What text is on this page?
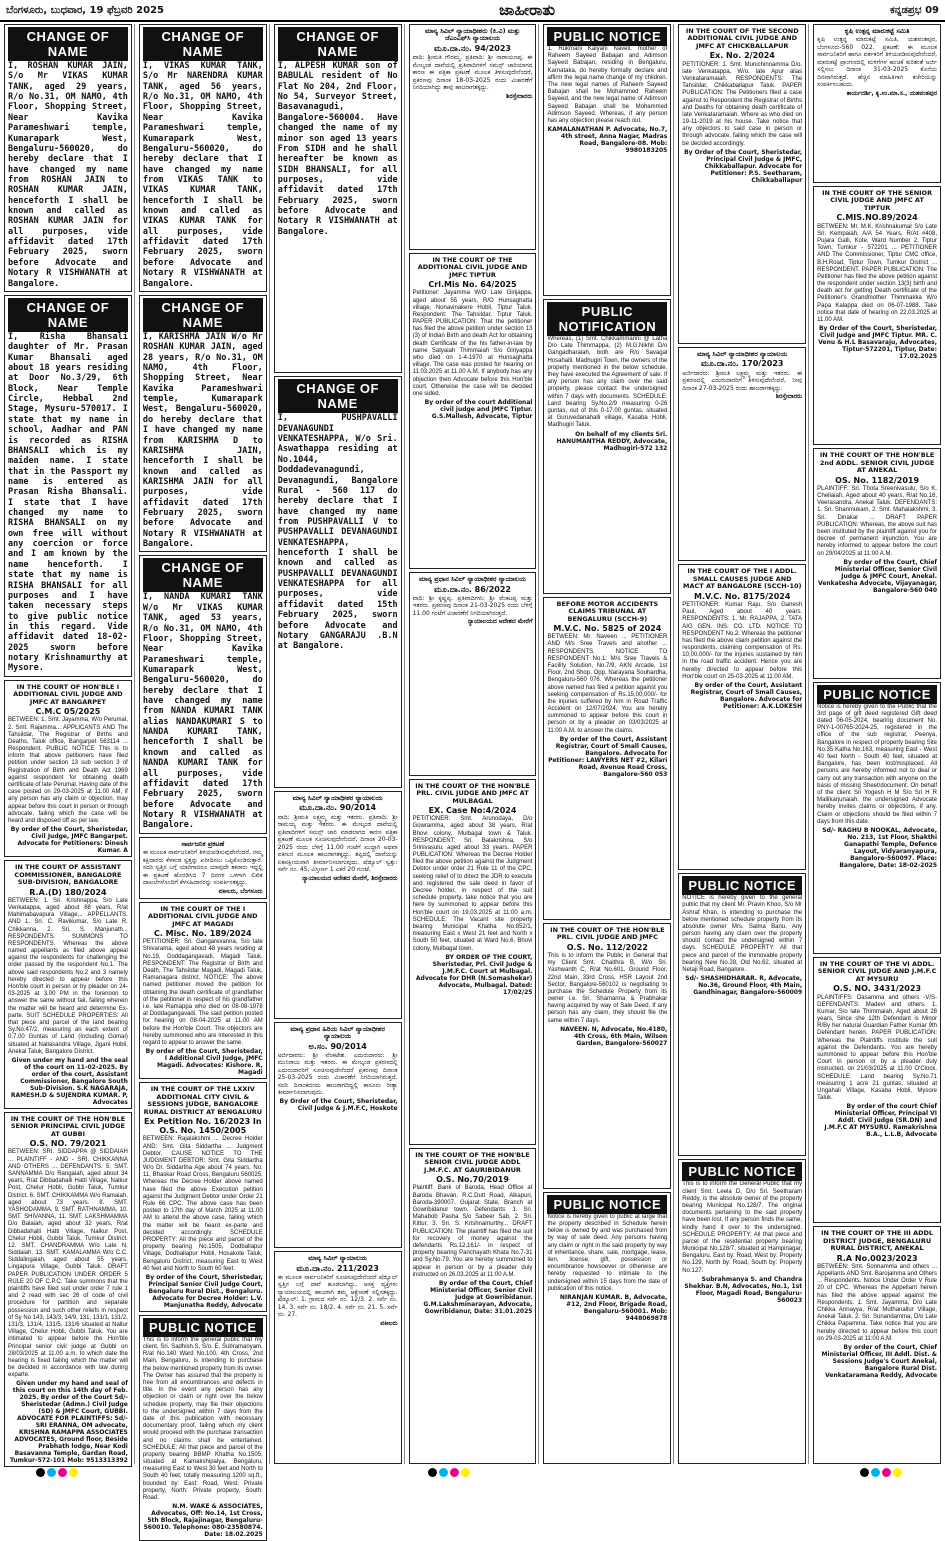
ಬೆಂಗಳೂರು, ಬುಧವಾರ, 19 ಫೆಬ್ರವರಿ 2025	ಜಾಹೀರಾತು	ಕನ್ನಡಪ್ರಭ 09
CHANGE OF NAME
I, ROSHAN KUMAR JAIN, S/o Mr VIKAS KUMAR TANK, aged 29 years, R/o No.31, OM NAMO, 4th Floor, Shopping Street, Near Kavika Parameshwari temple, Kumarapark West, Bengaluru-560020, do hereby declare that I have changed my name from ROSHAN JAIN to ROSHAN KUMAR JAIN, henceforth I shall be known and called as ROSHAN KUMAR JAIN for all purposes, vide affidavit dated 17th February 2025, sworn before Advocate and Notary R VISHWANATH at Bangalore.
CHANGE OF NAME
I, Risha Bhansali daughter of Mr. Prasan Kumar Bhansali aged about 18 years residing at Door No.3/29, 6th Block, Near Temple Circle, Hebbal 2nd Stage, Mysuru-570017. I state that my name in school, Aadhar and PAN is recorded as RISHA BHANSALI which is my maiden name. I state that in the Passport my name is entered as Prasan Risha Bhansali. I state that I have changed my name to RISHA BHANSALI on my own free will without any coercion or force and I am known by the name henceforth. I state that my name is RISHA BHANSALI for all purposes and I have taken necessary steps to give public notice in this regard. Vide affidavit dated 18-02-2025 sworn before notary Krishnamurthy at Mysore.
IN THE COURT OF HON'BLE I ADDITIONAL CIVIL JUDGE AND JMFC AT BANGARPET
C.M.C 05/2025
BETWEEN: 1. Smt. Jayamma, W/o Perumal, 2. Smt. Rajamma... APPLICANTS AND The Tahsildar, The Registrar of Births and Deaths, Taluk office, Bangarpet 563114 ... Respondent. PUBLIC NOTICE This is to inform that above petitioners have filed petition under section 13 sub section 3 of Registration of Birth and Death Act 1969 against respondent for obtaining death certificate of late Perumal. Having date of the case posted on 29-03-2025 at 11.00 AM, if any person has any claim or objection, may appear before this court in person or through advocate, failing which the case will be heard and disposed off as per law.
By order of the Court, Sheristedar, Civil Judge, JMFC Bangarpet. Advocate for Petitioners: Dinesh Kumar. A
IN THE COURT OF ASSISTANT COMMISSIONER, BANGALORE SUB-DIVISION, BANGALORE
R.A.(D) 180/2024
BETWEEN: 1. Sri. Krishnappa, S/o Late Venkatappa, aged about 88 years, R/at Mahimabavapura Village... APPELLANTS. AND 1. Sri. C. Ravikumar, S/o Late R. Chikkanna, 2. Sri. S. Manjunath... RESPONDENTS. SUMMONS TO RESPONDENTS. Whereas the above named appellants as filed above appeal against the respondents for challenging the order passed by the respondent No.1. The above said respondents No.2 and 3 namely hereby directed to appear before this Hon'ble court in person or by pleader on 24-03-2025 at 3.00 PM in the forenoon to answer the same without fail, failing wherein the matter will be heard and determine Ex-parte. SUIT SCHEDULE PROPERTIES: All that piece and parcel of the land bearing Sy.No.47/2, measuring an each extent of 0.7.00 Guntas of Land (Including Gomal) situated at Nallasandra Village, Jigani Hobli, Anekal Taluk, Bangalore District.
Given under my hand and the seal of the court on 11-02-2025. By order of the court, Assistant Commissioner, Bangalore South Sub-Division. S.K NAGARAJA, RAMESH.D & SUJENDRA KUMAR. P, Advocates
IN THE COURT OF THE HON'BLE SENIOR PRINCIPAL CIVIL JUDGE AT GUBBI
O.S. NO. 79/2021
BETWEEN: SRI. SIDDAPPA @ SIDDAIAH ... PLAINTIFF - AND - SRI. CHIKKANNA AND OTHERS ... DEFENDANTS. 5. SMT. SANNAMMA D/o Rangaiah, aged about 34 years, R/at Dibbadahalli Hatti Village, Nalkur Post, Chelur Hobli, Gubbi Taluk, Tumkur District. 6. SMT. CHIKKAMMA W/o Ramaiah, aged about 73 years. 8. SMT. YASHODAMMA, 9. SMT. RATHNAMMA, 10. SMT. SHIVANNA, 11. SMT. LAKSHMAMMA D/o Balaiah, aged about 32 years, R/at Dibbadahalli Hatti Village, Nalkur Post, Chelur Hobli, Gubbi Taluk, Tumkur District. 12. SMT. CHANDRAMMA W/o Late N. Siddaiah. 13. SMT. KAMALAMMA W/o C.C. Siddalingaiah, aged about 55 years, Lingapura Village, Gubbi Taluk. DRAFT PAPER PUBLICATION UNDER ORDER 5 RULE 20 OF C.P.C. Take summons that the plaintiffs have filed suit under order 7 rule 1 and 2 read with sec 26 of code of civil procedure for partition and separate possession and such other reliefs in respect of Sy No 143, 143/3, 14/9, 131, 131/1, 131/2, 131/3, 131/4, 131/5, 131/6 situated at Nallur Village, Chelur Hobli, Gubbi Taluk. You are intimated to appear before the Hon'ble Principal senior civil judge at Gubbi on 28/03/2025 at 11.00 a.m. to which date the hearing is fixed failing which the matter will be decided in accordance with law during exparte.
Given under my hand and seal of this court on this 14th day of Feb. 2025. By order of the Court Sd/- Sheristedar (Admn.) Civil Judge (SD) & JMFC Court, GUBBI. ADVOCATE FOR PLAINTIFFS: Sd/- SRI ERANNA, OM advocate, KRISHNA RAMAPPA ASSOCIATES ADVOCATES, Ground floor, Beside Prabhath lodge, Near Kodi Basavanna Temple, Gardan Road, Tumkur-572-101 Mob: 9513313392
CHANGE OF NAME
I, VIKAS KUMAR TANK, S/o Mr NARENDRA KUMAR TANK, aged 56 years, R/o No.31, OM NAMO, 4th Floor, Shopping Street, Near Kavika Parameshwari temple, Kumarapark West, Bengaluru-560020, do hereby declare that I have changed my name from VIKAS TANK to VIKAS KUMAR TANK, henceforth I shall be known and called as VIKAS KUMAR TANK for all purposes, vide affidavit dated 17th February 2025, sworn before Advocate and Notary R VISHWANATH at Bangalore.
CHANGE OF NAME
I, KARISHMA JAIN W/o Mr ROSHAN KUMAR JAIN, aged 28 years, R/o No.31, OM NAMO, 4th Floor, Shopping Street, Near Kavika Parameshwari temple, Kumarapark West, Bengaluru-560020, do hereby declare that I have changed my name from KARISHMA D to KARISHMA JAIN, henceforth I shall be known and called as KARISHMA JAIN for all purposes, vide affidavit dated 17th February 2025, sworn before Advocate and Notary R VISHWANATH at Bangalore.
CHANGE OF NAME
I, NANDA KUMARI TANK W/o Mr VIKAS KUMAR TANK, aged 53 years, R/o No.31, OM NAMO, 4th Floor, Shopping Street, Near Kavika Parameshwari temple, Kumarapark West, Bengaluru-560020, do hereby declare that I have changed my name from NANDA KUMARI TANK alias NANDAKUMARI S to NANDA KUMARI TANK, henceforth I shall be known and called as NANDA KUMARI TANK for all purposes, vide affidavit dated 17th February 2025, sworn before Advocate and Notary R VISHWANATH at Bangalore.
ಸಾರ್ವಜನಿಕ ಪ್ರಕಟಣೆ
ಈ ಮೂಲಕ ಸಾರ್ವಜನಿಕರಿಗೆ ತಿಳಿಯಪಡಿಸುವುದೇನೆಂದರೆ, ನಮ್ಮ ಕಕ್ಷಿದಾರರು ಕೆಳಕಂಡ ಸ್ವತ್ತನ್ನು ಖರೀದಿಸಲು ಒಪ್ಪಿಕೊಂಡಿರುತ್ತಾರೆ. ಸದರಿ ಸ್ವತ್ತಿನ ಬಗ್ಗೆ ಯಾರಿಗಾದರೂ ಯಾವುದೇ ತಕರಾರು ಇದ್ದಲ್ಲಿ ಈ ಪ್ರಕಟಣೆ ಹೊರಡಿಸಿದ 7 ದಿನಗಳ ಒಳಗಾಗಿ ಲಿಖಿತ ದಾಖಲೆಗಳೊಂದಿಗೆ ಕೆಳಸಹಿದಾರರನ್ನು ಸಂಪರ್ಕಿಸತಕ್ಕದ್ದು.
ವಕೀಲರು, ಬೆಂಗಳೂರು
IN THE COURT OF THE I ADDITIONAL CIVIL JUDGE AND JMFC AT MAGADI
C. Misc. No. 189/2024
PETITIONER: Sri. Gangarevanna, S/o late Shivarama, aged about 48 years residing at No.19, Doddagangavadi, Magadi Taluk. RESPONDENT: The Registrar of Birth and Death, The Tahsildar Magadi, Magadi Taluk, Ramanagara district. NOTICE: The above named petitioner moved the petition for obtaining the death certificate of grandfather of the petitioner in respect of his grandfather i.e. late Ramappa who died on 08-08-1978 at Doddagangavadi. The said petition posted for hearing on 08-04-2025 at 11.00 AM before the Hon'ble Court. The objectors are hereby summoned who are interested in this regard to appear to answer the same.
By order of the Court, Sheristedar, I Additional Civil Judge, JMFC Magadi. Advocates: Kishore. R, Magadi
IN THE COURT OF THE LXXIV ADDITIONAL CITY CIVIL & SESSIONS JUDGE, BANGALORE RURAL DISTRICT AT BENGALURU
Ex Petition No. 16/2023 In O.S. No. 1450/2005
BETWEEN: Rajalakshmi ... Decree Holder AND: Smt. Gita Siddartha ... Judgment Debtor. CAUSE NOTICE TO THE JUDGMENT DEBTOR: Smt. Gita Siddartha W/o Dr. Siddartha Age about 74 years, No. 11, Bhaskar Road Cross, Bengaluru 560025. Whereas the Decree Holder above named have filed the above Execution petition against the Judgment Debtor under Order 21 Rule 66 CPC. The above case has been posted to 17th day of March 2025 at 11.00 AM to attend the above case, failing which the matter will be heard ex-parte and decided accordingly. SCHEDULE PROPERTY: All the piece and parcel of the property bearing No.1505, Dodballapur Village, Dodballapur Hobli, Hosakote Taluk, Bengaluru District, measuring East to West 40 feet and North to South 60 feet.
By order of the Court, Sheristedar, Principal Senior Civil Judge Court, Bengaluru Rural Dist., Bengaluru. Advocate for Decree Holder: L.V. Manjunatha Reddy, Advocate
PUBLIC NOTICE
This is to inform the general public that my client, Sri. Sadhish.S, S/o. E. Subramanyam, R/at No.140 Ward No.100, 4th Cross, 2nd Main, Bengaluru, is intending to purchase the below mentioned property from its owner. The Owner has assured that the property is free from all encumbrances and defects in title. In the event any person has any objection or claim or right over the below schedule property, may file their objections to the undersigned within 7 days from the date of this publication with necessary documentary proof, failing which my client would proceed with the purchase transaction and no claims shall be entertained. SCHEDULE: All that piece and parcel of the property bearing BBMP Khatha No.1505, situated at Kamakshipalya, Bengaluru, measuring East to West 30 feet and North to South 40 feet, totally measuring 1200 sq.ft., bounded by: East: Road, West: Private property, North: Private property, South: Road.
N.M. WAKE & ASSOCIATES, Advocates, Off: No.14, 1st Cross, 5th Block, Rajajinagar, Bengaluru-560010. Telephone: 080-23580874. Date: 18.02.2025
CHANGE OF NAME
I, ALPESH KUMAR son of BABULAL resident of No Flat No 204, 2nd Floor, No 54, Surveyor Street, Basavanagudi, Bangalore-560004. Have changed the name of my minor son aged 13 years From SIDH and he shall hereafter be known as SIDH BHANSALI, for all purposes, vide affidavit dated 17th February 2025, sworn before Advocate and Notary R VISHWANATH at Bangalore.
CHANGE OF NAME
I, PUSHPAVALLI DEVANAGUNDI VENKATESHAPPA, W/o Sri. Aswathappa residing at No.1044, Doddadevanagundi, Devanagundi, Bangalore Rural - 560 117 do hereby declare that I have changed my name from PUSHPAVALLI V to PUSHPAVALLI DEVANAGUNDI VENKATESHAPPA, henceforth I shall be known and called as PUSHPAVALLI DEVANAGUNDI VENKATESHAPPA for all purposes, vide affidavit dated 15th February 2025, sworn before Advocate and Notary GANGARAJU .B.N at Bangalore.
ಮಾನ್ಯ ಸಿವಿಲ್ ನ್ಯಾಯಾಧೀಶರ ನ್ಯಾಯಾಲಯ
ಮೂ.ದಾ.ನಂ. 90/2014
ವಾದಿ: ಶ್ರೀಮತಿ ಲಕ್ಷ್ಮಮ್ಮ ಮತ್ತು ಇತರರು. ಪ್ರತಿವಾದಿ: ಶ್ರೀ ರಾಮಯ್ಯ ಮತ್ತು ಇತರರು. ಈ ಮೇಲ್ಕಂಡ ದಾವೆಯಲ್ಲಿ ಪ್ರತಿವಾದಿಗಳಿಗೆ ಸಮನ್ಸ್ ಜಾರಿ ಮಾಡಲಾಗದ ಕಾರಣ ಪತ್ರಿಕಾ ಪ್ರಕಟಣೆ ಮೂಲಕ ಸೂಚಿಸುವುದೇನೆಂದರೆ, ದಿನಾಂಕ 20-03-2025 ರಂದು ಬೆಳಿಗ್ಗೆ 11.00 ಗಂಟೆಗೆ ಖುದ್ದಾಗಿ ಅಥವಾ ವಕೀಲರ ಮೂಲಕ ಹಾಜರಾಗತಕ್ಕದ್ದು. ತಪ್ಪಿದಲ್ಲಿ ದಾವೆಯನ್ನು ಏಕಪಕ್ಷೀಯವಾಗಿ ತೀರ್ಮಾನಿಸಲಾಗುವುದು. ಷೆಡ್ಯೂಲ್ ಸ್ವತ್ತು: ಸರ್ವೆ ನಂ. 45, ವಿಸ್ತೀರ್ಣ 1 ಎಕರೆ 20 ಗುಂಟೆ.
ನ್ಯಾಯಾಲಯದ ಆದೇಶದ ಮೇರೆಗೆ, ಶಿರಸ್ತೇದಾರರು
ಮಾನ್ಯ ಪ್ರಧಾನ ಹಿರಿಯ ಸಿವಿಲ್ ನ್ಯಾಯಾಧೀಶರ ನ್ಯಾಯಾಲಯ
ಅ.ಸಂ. 90/2014
ಅರ್ಜಿದಾರರು: ಶ್ರೀ ವೆಂಕಟೇಶ. ಎದುರುದಾರರು: ಶ್ರೀ ಮುನಿರಾಜು ಮತ್ತು ಇತರರು. ಈ ಮೇಲ್ಕಂಡ ಪ್ರಕರಣದಲ್ಲಿ ಎದುರುದಾರರಿಗೆ ಸೂಚಿಸುವುದೇನೆಂದರೆ ಪ್ರಕರಣವು ದಿನಾಂಕ 25-03-2025 ರಂದು ವಿಚಾರಣೆಗೆ ನಿಗದಿಯಾಗಿರುತ್ತದೆ. ಸದರಿ ದಿನಾಂಕದಂದು ಹಾಜರಾಗದಿದ್ದಲ್ಲಿ ಕಾನೂನು ರೀತ್ಯಾ ತೀರ್ಮಾನಿಸಲಾಗುವುದು.
By Order of the Court, Sheristedar, Civil Judge & J.M.F.C, Hoskote
ಮಾನ್ಯ ಸಿವಿಲ್ ನ್ಯಾಯಾಲಯ
ಮೂ.ದಾ.ನಂ. 211/2023
ಈ ಮೂಲಕ ಸಾರ್ವಜನಿಕರಿಗೆ ಸೂಚಿಸುವುದೇನೆಂದರೆ ಷೆಡ್ಯೂಲ್ ಸ್ವತ್ತಿನ ಬಗ್ಗೆ ದಾವೆ ಹೂಡಲಾಗಿದ್ದು, ಆಸಕ್ತ ವ್ಯಕ್ತಿಗಳು ನ್ಯಾಯಾಲಯದಲ್ಲಿ ಹಾಜರಾಗಿ ತಮ್ಮ ಆಕ್ಷೇಪಣೆ ಸಲ್ಲಿಸತಕ್ಕದ್ದು. ಷೆಡ್ಯೂಲ್: 1. ಗ್ರಾಮದ ಸರ್ವೆ ನಂ. 12/3. 2. ಸರ್ವೆ ನಂ. 14. 3. ಸರ್ವೆ ನಂ. 18/2. 4. ಸರ್ವೆ ನಂ. 21. 5. ಸರ್ವೆ ನಂ. 27.
ವಕೀಲರು
ಮಾನ್ಯ ಸಿವಿಲ್ ನ್ಯಾಯಾಧೀಶರು (ಕಿ.ವಿ) ಮತ್ತು ಜೆಎಂಎಫ್‌ಸಿ ನ್ಯಾಯಾಲಯ
ಮೂ.ದಾ.ನಂ. 94/2023
ವಾದಿ: ಶ್ರೀಮತಿ ಗೌರಮ್ಮ. ಪ್ರತಿವಾದಿ: ಶ್ರೀ ನಾರಾಯಣಪ್ಪ. ಈ ಮೇಲ್ಕಂಡ ದಾವೆಯಲ್ಲಿ ಪ್ರತಿವಾದಿಗಳಿಗೆ ಸಮನ್ಸ್ ಜಾರಿಯಾಗದ ಕಾರಣ ಈ ಪತ್ರಿಕಾ ಪ್ರಕಟಣೆ ಮೂಲಕ ತಿಳಿಸುವುದೇನೆಂದರೆ, ಪ್ರಕರಣವು ದಿನಾಂಕ 18-03-2025 ರಂದು ವಿಚಾರಣೆಗೆ ನಿಗದಿಯಾಗಿದ್ದು ತಾವು ಹಾಜರಾಗತಕ್ಕದ್ದು.
ಶಿರಸ್ತೇದಾರರು
IN THE COURT OF THE ADDITIONAL CIVIL JUDGE AND JMFC TIPTUR
Crl.Mis No. 64/2025
Petitioner: Jayamma W/O Late Girijappa, aged about 55 years, R/O Hunsaghatta village, Nonavinakere Hobli, Tiptur Taluk. Respondent: The Tahsildar, Tiptur Taluk. PAPER PUBLICATION: That the petitioner has filed the above petition under section 13 (3) of Indian Birth and death Act for obtaining death Certificate of the his father-in-law by name Satyaiah Thimmaiah S/o Giriyappa who died on 1-4-1970 at Hunsaghatta village. The case was posted for hearing on 11.03.2025 at 11.00 A.M. If anybody has any objection then Advocate before this Hon'ble court. Otherwise the case will be decided one sided.
By order of the court Additional civil judge and JMFC Tiptur. G.S.Mallesh, Advocate, Tiptur
ಮಾನ್ಯ ಪ್ರಧಾನ ಸಿವಿಲ್ ನ್ಯಾಯಾಧೀಶರ ನ್ಯಾಯಾಲಯ
ಮೂ.ದಾ.ನಂ. 86/2022
ವಾದಿ: ಶ್ರೀ ಕೃಷ್ಣಪ್ಪ. ಪ್ರತಿವಾದಿಗಳು: ಶ್ರೀ ವೆಂಕಟಪ್ಪ ಮತ್ತು ಇತರರು. ಪ್ರಕರಣವು ದಿನಾಂಕ 21-03-2025 ರಂದು ಬೆಳಿಗ್ಗೆ 11.00 ಗಂಟೆಗೆ ವಿಚಾರಣೆಗೆ ನಿಗದಿಯಾಗಿರುತ್ತದೆ.
ನ್ಯಾಯಾಲಯದ ಆದೇಶದ ಮೇರೆಗೆ
IN THE COURT OF THE HON'BLE PRL. CIVIL JUDGE AND JMFC AT MULBAGAL
EX. Case No:4/2024
PETITIONER: Smt. Arunodaya, D/o Gowramma, aged about 38 years, R/at Bhovi colony, Mulbagal town & Taluk. RESPONDENT: Sri. Balakrishna, S/o Srinivasulu, aged about 33 years. PAPER PUBLICATION: Whereas the Decree Holder filed the above petition against the Judgment Debtor under order 21 Rule 11 of the CPC, seeking relief of to direct the JDR to execute and registered the sale deed in favor of Decree holder, in respect of the suit schedule property, take notice that you are here by summoned to appear before this Hon'ble court on 19.03.2025 at 11:00 a.m. SCHEDULE: The Vacant site property bearing Municipal Khatha No.852/1, measuring East x West 21 feet and North x South 50 feet, situated at Ward No.6, Bhovi colony, Mulbagal town.
BY ORDER OF THE COURT, Sheristedar, Prl. Civil Judge & J.M.F.C. Court at Mulbagal. Advocate for DHR (N.Somashekar) Advocate, Mulbagal. Dated: 17/02/25
IN THE COURT OF THE HON'BLE SENIOR CIVIL JUDGE ADDL J.M.F.C. AT GAURIBIDANUR
O.S. No.70/2019
Plaintiff: Bank of Baroda, Head Office at Baroda Bhavan, R.C.Dutt Road, Alkapuri, Baroda-390007, Gujarat State, Branch at Gowribidanur town. Defendants: 1. Sri. Mahabob Pasha S/o Sabeer Sab, 2. Sri. Kittur, 3. Sri. S. Krishnamurthy... DRAFT PUBLICATION: The plaintiff has filed the suit for recovery of money against the defendants Rs.12,161/- in respect of property bearing Panchayath Khata No.7-31 and Sy.No.79. You are hereby summoned to appear in person or by a pleader duly instructed on 26.03.2025 at 11:00 A.M.
By order of the Court, Chief Ministerial Officer, Senior Civil Judge at Gowribidanur. G.M.Lakshminarayan, Advocate, Gowribidanur, Date: 31.01.2025
PUBLIC NOTICE
1. Rukmani Kalyani Naveli, mother of Raheem Sayeed Babajan and Adimson Sayeed Babajan, residing in Bengaluru, Karnataka, do hereby formally declare and affirm the legal name change of my children. The new legal names of Raheem Sayeed Babajan shall be Mohammed Raheem Sayeed, and the new legal name of Adimson Sayeed Babajan shall be Mohammed Adimson Sayeed. Whereas, if any person has any objection please reach out.
KAMALANATHAN P. Advocate, No.7, 4th street, Anna Nagar, Madras Road, Bangalore-08. Mob: 9980183205
PUBLIC NOTIFICATION
Whereas, (1) Smt. Chikkammanni @ Latha D/o Late Thimmappa, (2) M.G.Nikhil D/o Gangadharaiah, both are R/o Savagal Hosahalli, Madhugiri Town, the owners of the property mentioned in the below schedule, they have executed the Agreement of sale. If any person has any claim over the said property, please contact the undersigned within 7 days with documents. SCHEDULE: Land bearing Sy.No.2/9 measuring 0-26 guntas, out of this 0-17.00 guntas, situated at Guruvedanahalli village, Kasaba Hobli, Madhugiri Taluk.
On behalf of my clients Sri. HANUMANTHA REDDY, Advocate, Madhugiri-572 132
BEFORE MOTOR ACCIDENTS CLAIMS TRIBUNAL AT BENGALURU (SCCH-9)
M.V.C. No. 5825 of 2024
BETWEEN: Mr. Naveen ... PETITIONER AND M/s Sree Travels and another ... RESPONDENTS. NOTICE TO RESPONDENT No.1: M/s Sree Travels & Facility Solution, No.7/9, AKN Arcade, 1st Floor, 2nd Shop, Opp. Narayana Souhardha, Bengaluru-560 076. Whereas the petitioner above named has filed a petition against you seeking compensation of Rs.15,00,000/- for the injuries suffered by him in Road Traffic Accident on 12/07/2024. You are hereby summoned to appear before this court in person or by a pleader on 03/03/2025 at 11:00 A.M. to answer the claims.
By order of the Court, Assistant Registrar, Court of Small Causes, Bangalore. Advocate for Petitioner: LAWYERS NET #2, Kilari Road, Avenue Road Cross, Bangalore-560 053
IN THE COURT OF THE HON'BLE PRL. CIVIL JUDGE AND JMFC
O.S. No. 112/2022
This is to inform the Public in General that my Client Smt. Chaithra B, W/o Sri. Yashwanth C, R/at No.601, Ground Floor, 22nd Main, 33rd Cross, HSR Layout 2nd Sector, Bangalore-560102 is negotiating to purchase the Schedule Property from its owner i.e. Sri. Shamanna & Prabhakar having acquired by way of Sale Deed. If any person has any claim, they should file the same within 7 days.
NAVEEN. N, Advocate, No.4180, 4th Cross, 6th Main, Wilson Garden, Bangalore-560027
PUBLIC NOTICE
Notice is hereby given to public at large that the property described in Schedule herein below is owned by and was purchased from by way of sale deed. Any persons having any claim or right in the said property by way of inheritance, share, sale, mortgage, lease, lien, license, gift, possession or encumbrance howsoever or otherwise are hereby requested to intimate to the undersigned within 15 days from the date of publication of this notice.
NIRANJAN KUMAR. B, Advocate, #12, 2nd Floor, Brigade Road, Bengaluru-560001. Mob: 9448069878
IN THE COURT OF THE SECOND ADDITIONAL CIVIL JUDGE AND JMFC AT CHICKBALLAPUR
Ex. No. 2/2024
PETITIONER: 1. Smt. Munichinnamma D/o. late Venkatappa, W/o. late Apur alias Venkataramaiah. RESPONDENTS: The Tahsildar, Chikkaballapur Taluk. PAPER PUBLICATION: The Petitioners filed a case against to Respondent the Registrar of Births and Deaths for obtaining death certificate of late Venkataramaiah. Where as who died on 19-11-2019 at his house. Take notice that any objectors to said case in person or through advocate, failing which the case will be decided accordingly.
By Order of the Court, Sheristedar, Principal Civil Judge & JMFC, Chikkaballapur. Advocate for Petitioner: P.S. Seetharam, Chikkaballapur
ಮಾನ್ಯ ಸಿವಿಲ್ ನ್ಯಾಯಾಧೀಶರ ನ್ಯಾಯಾಲಯ
ಮೂ.ದಾ.ನಂ. 170/2023
ಅರ್ಜಿದಾರರು: ಶ್ರೀಮತಿ ಲಕ್ಷ್ಮಮ್ಮ ಮತ್ತು ಇತರರು. ಈ ಪ್ರಕರಣದಲ್ಲಿ ಎದುರುದಾರರಿಗೆ ತಿಳಿಸುವುದೇನೆಂದರೆ, ನೀವು ದಿನಾಂಕ 27-03-2025 ರಂದು ಹಾಜರಾಗತಕ್ಕದ್ದು.
ಶಿರಸ್ತೇದಾರರು
IN THE COURT OF THE I ADDL. SMALL CAUSES JUDGE AND MACT AT BANGALORE (SCCH-10)
M.V.C. No. 8175/2024
PETITIONER: Kumar Raju, S/o Ganesh Paul, Aged about 40 years. RESPONDENTS: 1. Mr. RAJAPPA, 2. TATA AIG GEN. INS. CO. LTD. NOTICE TO RESPONDENT No.2. Whereas the petitioner has filed the above claim petition against the respondents, claiming compensation of Rs. 10,00,000/- for the injuries sustained by him in the road traffic accident. Hence you are hereby directed to appear before this Hon'ble court on 25-03-2025 at 11:00 AM.
By order of the Court, Assistant Registrar, Court of Small Causes, Bangalore. Advocate for Petitioner: A.K.LOKESH
PUBLIC NOTICE
NOTICE is hereby given to the general public that my client Mr. Pravin Khoo, S/o Mr Ashraf Khan, is intending to purchase the below mentioned schedule property from its absolute owner Mrs. Salma Banu. Any person having any claim over the property should contact the undersigned within 7 days. SCHEDULE PROPERTY: All that piece and parcel of the immovable property bearing New No.28, Old No.62, situated at Netaji Road, Bangalore.
Sd/- SHASHIDHARAR. R, Advocate, No.36, Ground Floor, 4th Main, Gandhinagar, Bangalore-560009
PUBLIC NOTICE
This is to inform the General Public that my client Smt. Leela D, D/o Sri. Seetharam Reddy, is the absolute owner of the property bearing Municipal No.128/7. The original documents pertaining to the said property have been lost. If any person finds the same, kindly hand it over to the undersigned. SCHEDULE PROPERTY: All that piece and parcel of the residential property bearing Municipal No.128/7, situated at Hampinagar, Bengaluru. East by: Road, West by: Property No.129, North by: Road, South by: Property No.127.
Subrahmanya S. and Chandra Shekhar. B.N, Advocates, No.1, 1st Floor, Magadi Road, Bengaluru-560023
ಕೃಷಿ ಉತ್ಪನ್ನ ಮಾರುಕಟ್ಟೆ ಸಮಿತಿ
ಕೃಷಿ ಉತ್ಪನ್ನ ಮಾರುಕಟ್ಟೆ ಸಮಿತಿ, ಯಶವಂತಪುರ, ಬೆಂಗಳೂರು-560 022. ಪ್ರಕಟಣೆ: ಈ ಮೂಲಕ ಸಾರ್ವಜನಿಕರಿಗೆ ಹಾಗೂ ವರ್ತಕರಿಗೆ ತಿಳಿಯಪಡಿಸುವುದೇನೆಂದರೆ, ಮಾರುಕಟ್ಟೆ ಪ್ರಾಂಗಣದಲ್ಲಿ ಮಳಿಗೆಗಳ ಹಂಚಿಕೆ ಕುರಿತಂತೆ ಅರ್ಜಿ ಸಲ್ಲಿಸಲು ದಿನಾಂಕ 31-03-2025 ಕೊನೆಯ ದಿನವಾಗಿರುತ್ತದೆ. ಹೆಚ್ಚಿನ ಮಾಹಿತಿಗಾಗಿ ಕಚೇರಿಯನ್ನು ಸಂಪರ್ಕಿಸಬಹುದು.
ಕಾರ್ಯದರ್ಶಿ, ಕೃ.ಉ.ಮಾ.ಸ., ಯಶವಂತಪುರ
IN THE COURT OF THE SENIOR CIVIL JUDGE AND JMFC AT TIPTUR
C.MIS.NO.89/2024
BETWEEN: Mr. M.K. Krishnakumar S/o Late Sri. Kempaiah, A/A 54 Years, R/At #408, Pujara Galli, Kote, Ward Number 2, Tiptur Town, Tumkur - 572201 ... PETITIONER AND The Commissioner, Tiptur CMC office, B.H.Road, Tiptur Town, Tumkur District ... RESPONDENT. PAPER PUBLICATION: The Petitioner has filed the above petition against the respondent under section 13(3) birth and death act for getting Death certificate of the Petitioner's Grandmother Thimmakka W/o Papa Kalappa died on 06-07-1988. Take notice that date of hearing on 22.03.2025 at 11.00 AM.
By Order of the Court, Sheristedar, Civil Judge and JMFC Tiptur. MR. C. Venu & H.L Basavaraju, Advocates, Tiptur-572201, Tiptur, Date: 17.02.2025
IN THE COURT OF THE HON'BLE 2nd ADDL. SENIOR CIVIL JUDGE AT ANEKAL
OS. No. 1182/2019
PLAINTIFF: Sri. Thota Sreenivasulu, S/o K. Chellaiah, Aged about 40 years, R/at No.16, Veerasandra, Anekal Taluk. DEFENDANTS: 1. Sri. Shanmukam, 2. Smt. Mahalakshmi, 3. Sri. Dinakar ... DRAFT PAPER PUBLICATION: Whereas, the above suit has been instituted by the plaintiff against you for decree of permanent injunction. You are hereby informed to appear before the court on 29/04/2025 at 11:00 A.M.
By order of the Court, Chief Ministerial Officer, Senior Civil Judge & JMFC Court, Anekal. Venkatesha Advocate, Vijayanagar, Bangalore-560 040
PUBLIC NOTICE
Notice is hereby given to the Public that the 3rd page of gift deed registered Gift deed dated 06-05-2024, bearing document No. PNY-1-00765-2024-25, registered in the office of the sub registrar, Peenya, Bangalore in respect of property bearing Site No.35 Katha No.163, measuring East - West 40 feet North - South 40 feet, situated at Bangalore, has been lost/misplaced. All persons are hereby informed not to deal or carry out any transaction with anyone on the basis of missing Sheet/document. On behalf of the client Sri Yogesh H M S/o Sri H R Mallikarjunaiah, the undersigned Advocate hereby invites claims or objections, if any. Claim or objections should be filed within 7 days from this date.
Sd/- RAGHU B NOOKAL, Advocate, No. 213, 1st Floor, Shakthi Ganapathi Temple, Defence Layout, Vidyaranyapura, Bangalore-560097. Place: Bangalore, Date: 18-02-2025
IN THE COURT OF THE VI ADDL. SENIOR CIVIL JUDGE AND J.M.F.C AT MYSURU
O.S. NO. 3431/2023
PLAINTIFFS: Dasamma and others -V/S- DEFENDANTS: Madevi and others. 1. Kumar, S/o late Thimmaiah, Aged about 28 years, Since she 12th Defendant is Minor R/By her natural Guardian Father Kumar 9th Defendant herein. PAPER PUBLICATION: Whereas the Plaintiffs institute the suit against the Defendants. You are hereby summoned to appear before this Hon'ble Court in person or by a pleader duly instructed, on 21/03/2025 at 11.00 O'Clock. SCHEDULE: Land bearing Sy.No.71 measuring 1 acre 21 guntas, situated at Ungahali Village, Kasaba Hobli, Mysore Taluk.
By order of the court Chief Ministerial Officer, Principal VI Addl. Civil Judge (SR.DN) and J.M.F.C AT MYSURU. Ramakrishna B.A., L.L.B, Advocate
IN THE COURT OF THE III ADDL DISTRICT JUDGE, BENGALURU RURAL DISTRICT, ANEKAL
R.A No.0023/2023
BETWEEN: Smt. Sonnamma and others ... Appellants AND Smt. Barojamma and Others ... Respondents. Notice Under Order V Rule 20 of CPC. Whereas the Appellant herein has filed the above appeal against the Respondents. 1. Smt. Jayamma, D/o Late Chikka Annayya, R/at Muthanallur Village, Anekal Taluk. 2. Sri. Sunandamma, D/o Late Chikka Papamma. Take notice that you are hereby directed to appear before this court on 29-03-2025 at 11:00 A.M.
By order of the Court, Chief Ministerial Officer, III Addl. Dist. & Sessions Judge's Court Anekal, Bangalore Rural Dist. Venkataramana Reddy, Advocate
